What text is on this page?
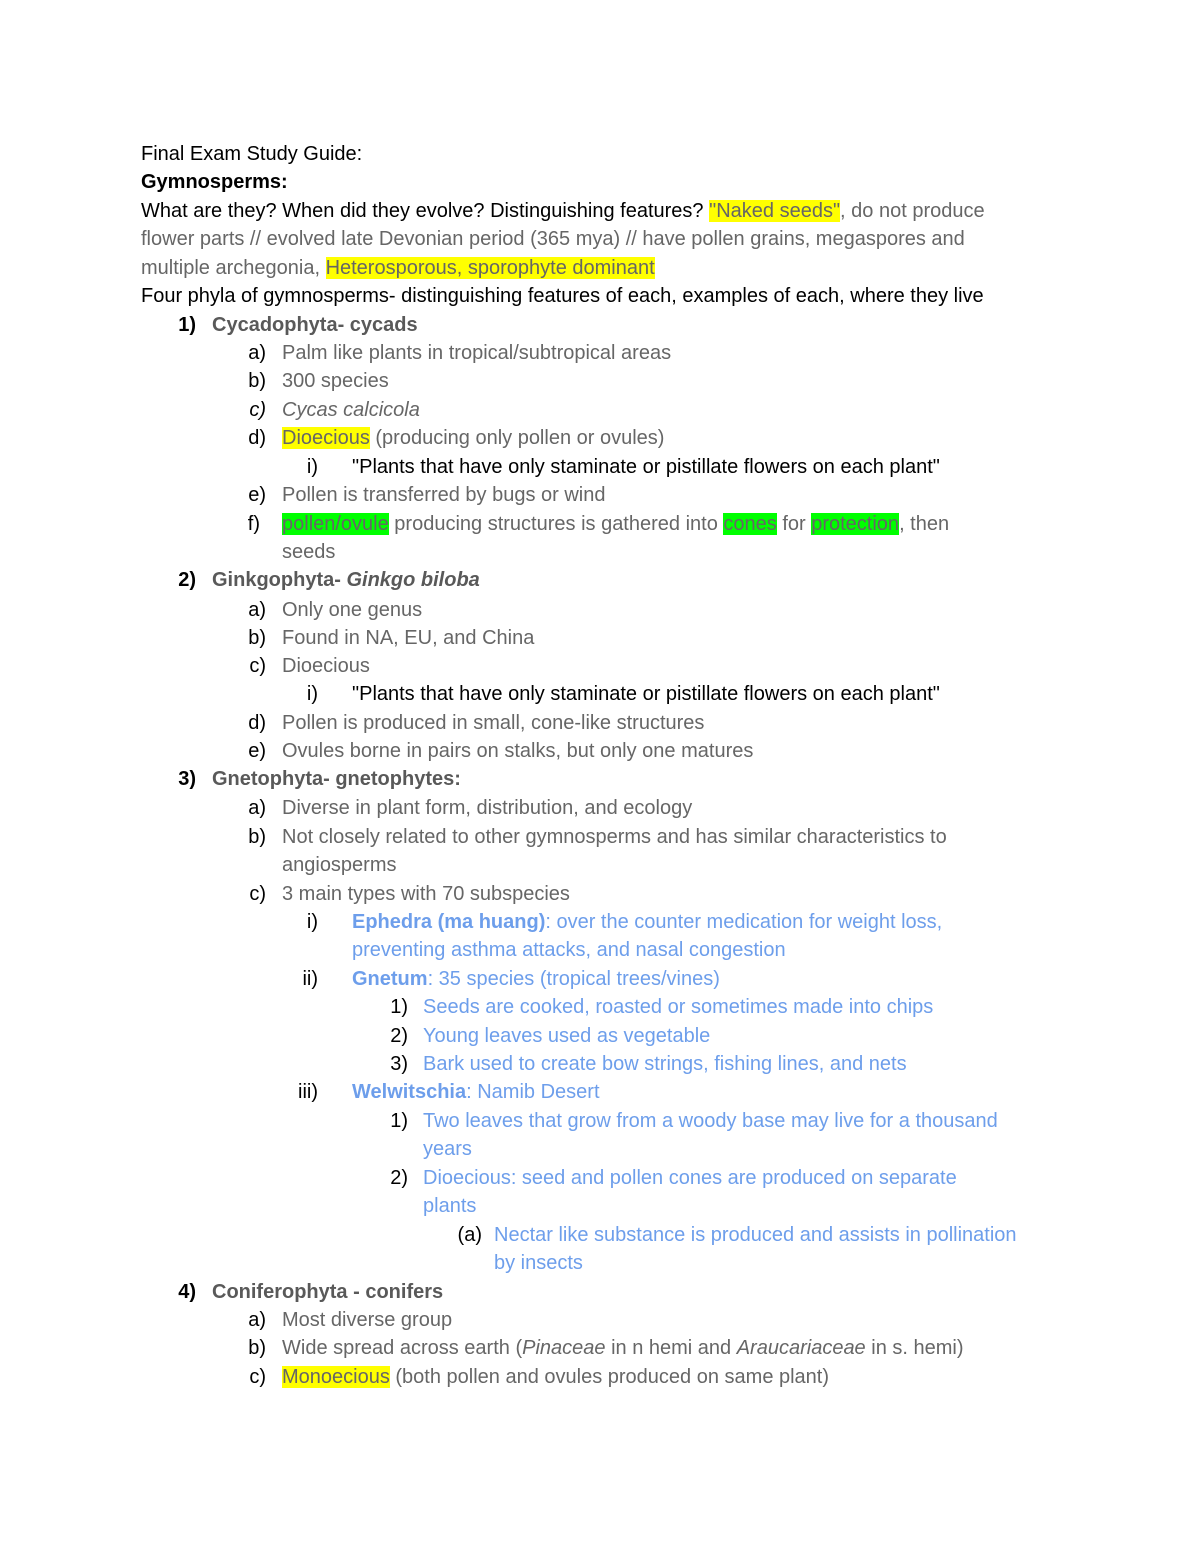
Final Exam Study Guide:
Gymnosperms:
What are they? When did they evolve? Distinguishing features? "Naked seeds", do not produce
flower parts // evolved late Devonian period (365 mya) // have pollen grains, megaspores and
multiple archegonia, Heterosporous, sporophyte dominant
Four phyla of gymnosperms- distinguishing features of each, examples of each, where they live
1) Cycadophyta- cycads
a) Palm like plants in tropical/subtropical areas
b) 300 species
c) Cycas calcicola
d) Dioecious (producing only pollen or ovules)
i) "Plants that have only staminate or pistillate flowers on each plant"
e) Pollen is transferred by bugs or wind
f) pollen/ovule producing structures is gathered into cones for protection, then
seeds
2) Ginkgophyta- Ginkgo biloba
a) Only one genus
b) Found in NA, EU, and China
c) Dioecious
i) "Plants that have only staminate or pistillate flowers on each plant"
d) Pollen is produced in small, cone-like structures
e) Ovules borne in pairs on stalks, but only one matures
3) Gnetophyta- gnetophytes:
a) Diverse in plant form, distribution, and ecology
b) Not closely related to other gymnosperms and has similar characteristics to
angiosperms
c) 3 main types with 70 subspecies
i) Ephedra (ma huang): over the counter medication for weight loss,
preventing asthma attacks, and nasal congestion
ii) Gnetum: 35 species (tropical trees/vines)
1) Seeds are cooked, roasted or sometimes made into chips
2) Young leaves used as vegetable
3) Bark used to create bow strings, fishing lines, and nets
iii) Welwitschia: Namib Desert
1) Two leaves that grow from a woody base may live for a thousand
years
2) Dioecious: seed and pollen cones are produced on separate
plants
(a) Nectar like substance is produced and assists in pollination
by insects
4) Coniferophyta - conifers
a) Most diverse group
b) Wide spread across earth (Pinaceae in n hemi and Araucariaceae in s. hemi)
c) Monoecious (both pollen and ovules produced on same plant)
